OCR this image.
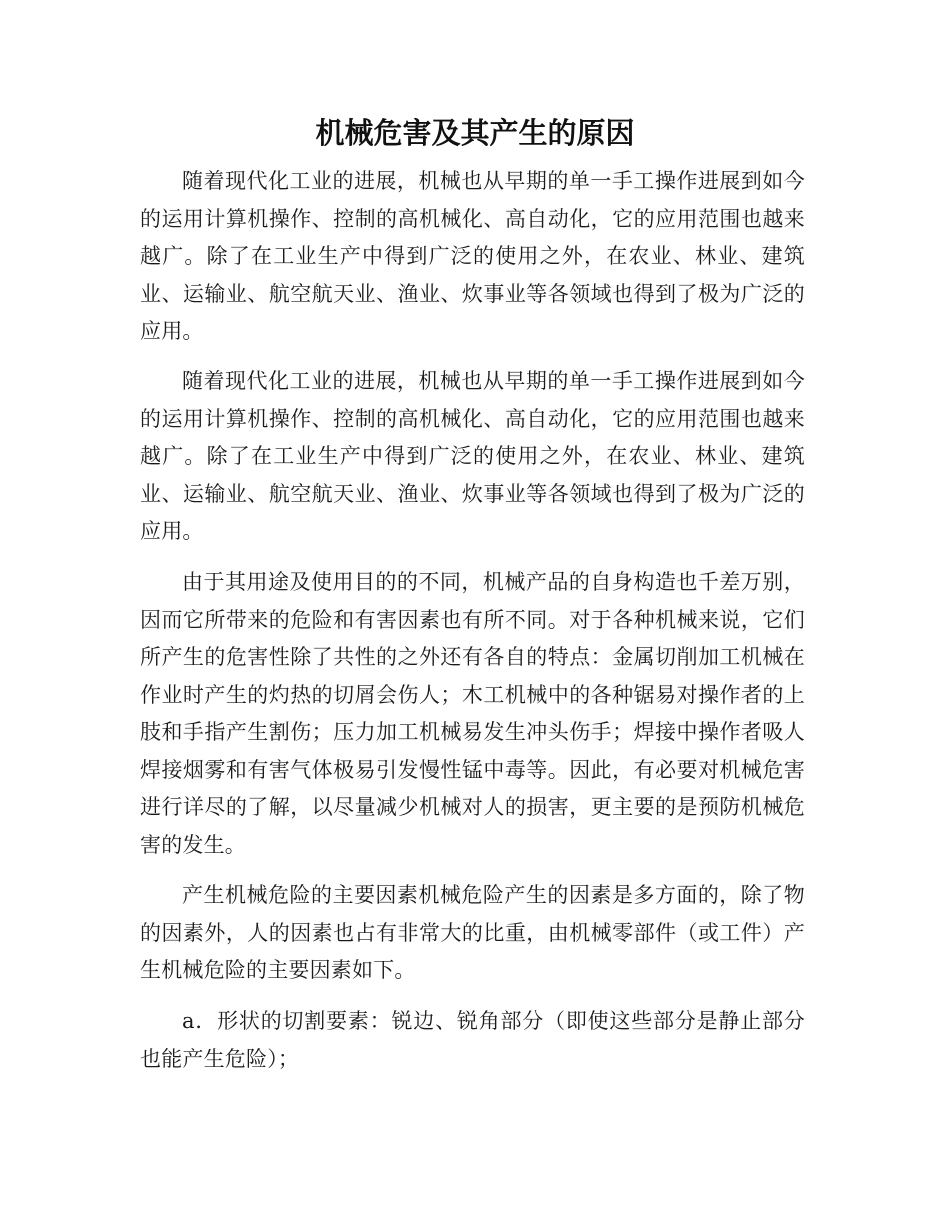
机械危害及其产生的原因

随着现代化工业的进展，机械也从早期的单一手工操作进展到如今的运用计算机操作、控制的高机械化、高自动化，它的应用范围也越来越广。除了在工业生产中得到广泛的使用之外，在农业、林业、建筑业、运输业、航空航天业、渔业、炊事业等各领域也得到了极为广泛的应用。

随着现代化工业的进展，机械也从早期的单一手工操作进展到如今的运用计算机操作、控制的高机械化、高自动化，它的应用范围也越来越广。除了在工业生产中得到广泛的使用之外，在农业、林业、建筑业、运输业、航空航天业、渔业、炊事业等各领域也得到了极为广泛的应用。

由于其用途及使用目的的不同，机械产品的自身构造也千差万别，因而它所带来的危险和有害因素也有所不同。对于各种机械来说，它们所产生的危害性除了共性的之外还有各自的特点：金属切削加工机械在作业时产生的灼热的切屑会伤人；木工机械中的各种锯易对操作者的上肢和手指产生割伤；压力加工机械易发生冲头伤手；焊接中操作者吸人焊接烟雾和有害气体极易引发慢性锰中毒等。因此，有必要对机械危害进行详尽的了解，以尽量减少机械对人的损害，更主要的是预防机械危害的发生。

产生机械危险的主要因素机械危险产生的因素是多方面的，除了物的因素外，人的因素也占有非常大的比重，由机械零部件（或工件）产生机械危险的主要因素如下。

a．形状的切割要素：锐边、锐角部分（即使这些部分是静止部分也能产生危险）；
